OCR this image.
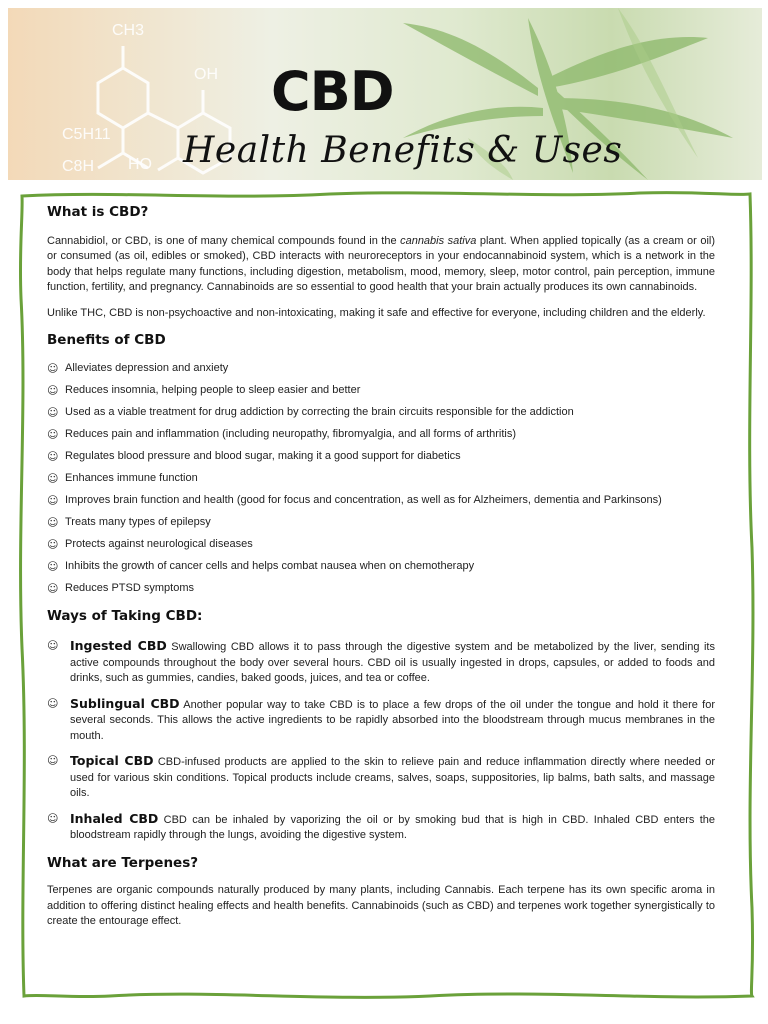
CH3
OH
C5H11
C8H HO
CBD
Health Benefits & Uses
What is CBD?

Cannabidiol, or CBD, is one of many chemical compounds found in the cannabis sativa plant. When applied topically (as a cream or oil) or consumed (as oil, edibles or smoked), CBD interacts with neuroreceptors in your endocannabinoid system, which is a network in the body that helps regulate many functions, including digestion, metabolism, mood, memory, sleep, motor control, pain perception, immune function, fertility, and pregnancy. Cannabinoids are so essential to good health that your brain actually produces its own cannabinoids.

Unlike THC, CBD is non-psychoactive and non-intoxicating, making it safe and effective for everyone, including children and the elderly.

Benefits of CBD
☺ Alleviates depression and anxiety
☺ Reduces insomnia, helping people to sleep easier and better
☺ Used as a viable treatment for drug addiction by correcting the brain circuits responsible for the addiction
☺ Reduces pain and inflammation (including neuropathy, fibromyalgia, and all forms of arthritis)
☺ Regulates blood pressure and blood sugar, making it a good support for diabetics
☺ Enhances immune function
☺ Improves brain function and health (good for focus and concentration, as well as for Alzheimers, dementia and Parkinsons)
☺ Treats many types of epilepsy
☺ Protects against neurological diseases
☺ Inhibits the growth of cancer cells and helps combat nausea when on chemotherapy
☺ Reduces PTSD symptoms
Ways of Taking CBD:
☺ Ingested CBD Swallowing CBD allows it to pass through the digestive system and be metabolized by the liver, sending its active compounds throughout the body over several hours. CBD oil is usually ingested in drops, capsules, or added to foods and drinks, such as gummies, candies, baked goods, juices, and tea or coffee.
☺ Sublingual CBD Another popular way to take CBD is to place a few drops of the oil under the tongue and hold it there for several seconds. This allows the active ingredients to be rapidly absorbed into the bloodstream through mucus membranes in the mouth.
☺ Topical CBD CBD-infused products are applied to the skin to relieve pain and reduce inflammation directly where needed or used for various skin conditions. Topical products include creams, salves, soaps, suppositories, lip balms, bath salts, and massage oils.
☺ Inhaled CBD CBD can be inhaled by vaporizing the oil or by smoking bud that is high in CBD. Inhaled CBD enters the bloodstream rapidly through the lungs, avoiding the digestive system.
What are Terpenes?

Terpenes are organic compounds naturally produced by many plants, including Cannabis. Each terpene has its own specific aroma in addition to offering distinct healing effects and health benefits. Cannabinoids (such as CBD) and terpenes work together synergistically to create the entourage effect.
